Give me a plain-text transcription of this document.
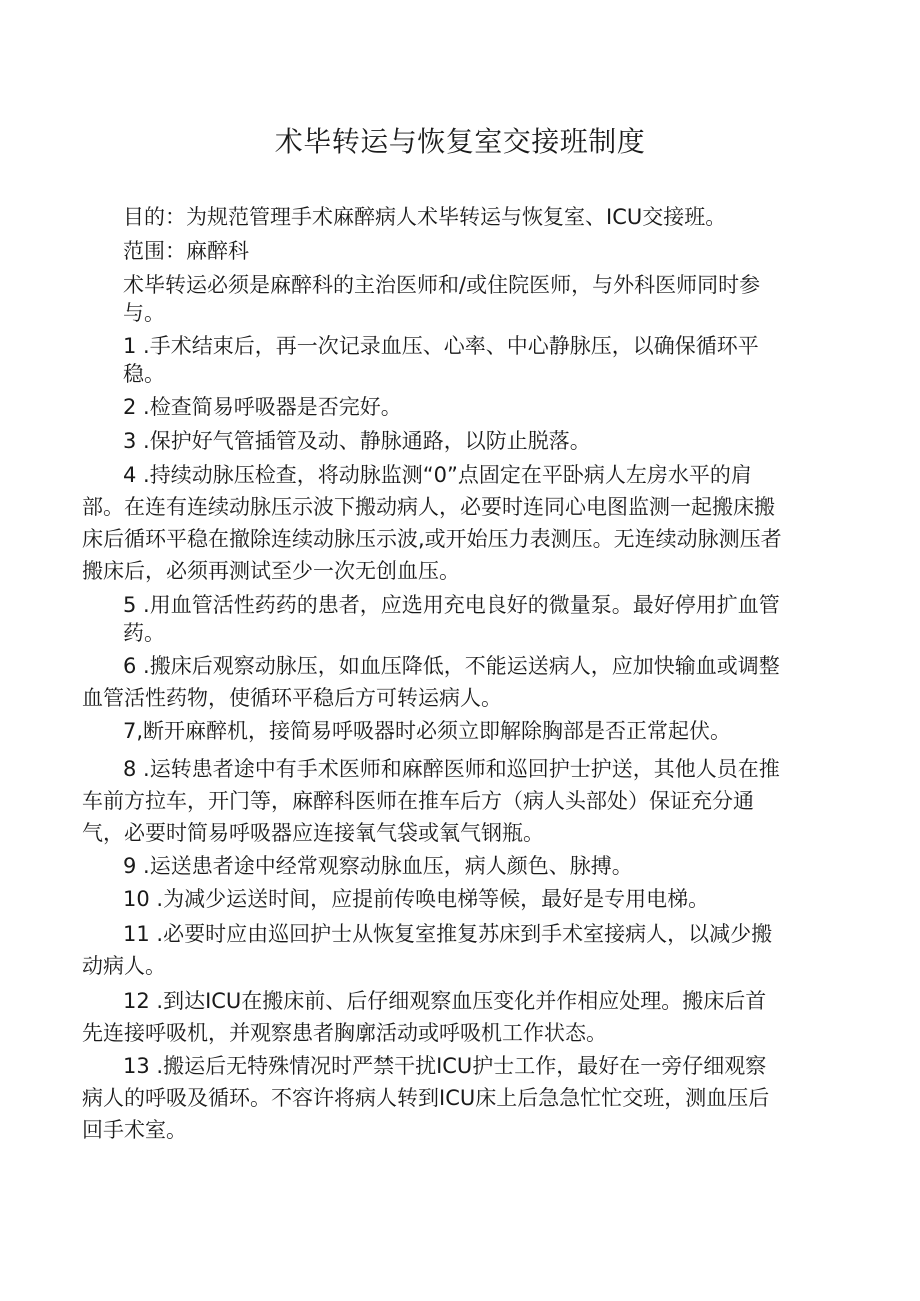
术毕转运与恢复室交接班制度
目的：为规范管理手术麻醉病人术毕转运与恢复室、ICU交接班。
范围：麻醉科
术毕转运必须是麻醉科的主治医师和/或住院医师，与外科医师同时参
与。
1 .手术结束后，再一次记录血压、心率、中心静脉压，以确保循环平
稳。
2 .检查简易呼吸器是否完好。
3 .保护好气管插管及动、静脉通路，以防止脱落。
4 .持续动脉压检查，将动脉监测“0”点固定在平卧病人左房水平的肩
部。在连有连续动脉压示波下搬动病人，必要时连同心电图监测一起搬床搬
床后循环平稳在撤除连续动脉压示波,或开始压力表测压。无连续动脉测压者
搬床后，必须再测试至少一次无创血压。
5 .用血管活性药药的患者，应选用充电良好的微量泵。最好停用扩血管
药。
6 .搬床后观察动脉压，如血压降低，不能运送病人，应加快输血或调整
血管活性药物，使循环平稳后方可转运病人。
7,断开麻醉机，接简易呼吸器时必须立即解除胸部是否正常起伏。
8 .运转患者途中有手术医师和麻醉医师和巡回护士护送，其他人员在推
车前方拉车，开门等，麻醉科医师在推车后方（病人头部处）保证充分通
气，必要时简易呼吸器应连接氧气袋或氧气钢瓶。
9 .运送患者途中经常观察动脉血压，病人颜色、脉搏。
10 .为减少运送时间，应提前传唤电梯等候，最好是专用电梯。
11 .必要时应由巡回护士从恢复室推复苏床到手术室接病人，以减少搬
动病人。
12 .到达ICU在搬床前、后仔细观察血压变化并作相应处理。搬床后首
先连接呼吸机，并观察患者胸廓活动或呼吸机工作状态。
13 .搬运后无特殊情况时严禁干扰ICU护士工作，最好在一旁仔细观察
病人的呼吸及循环。不容许将病人转到ICU床上后急急忙忙交班，测血压后
回手术室。
